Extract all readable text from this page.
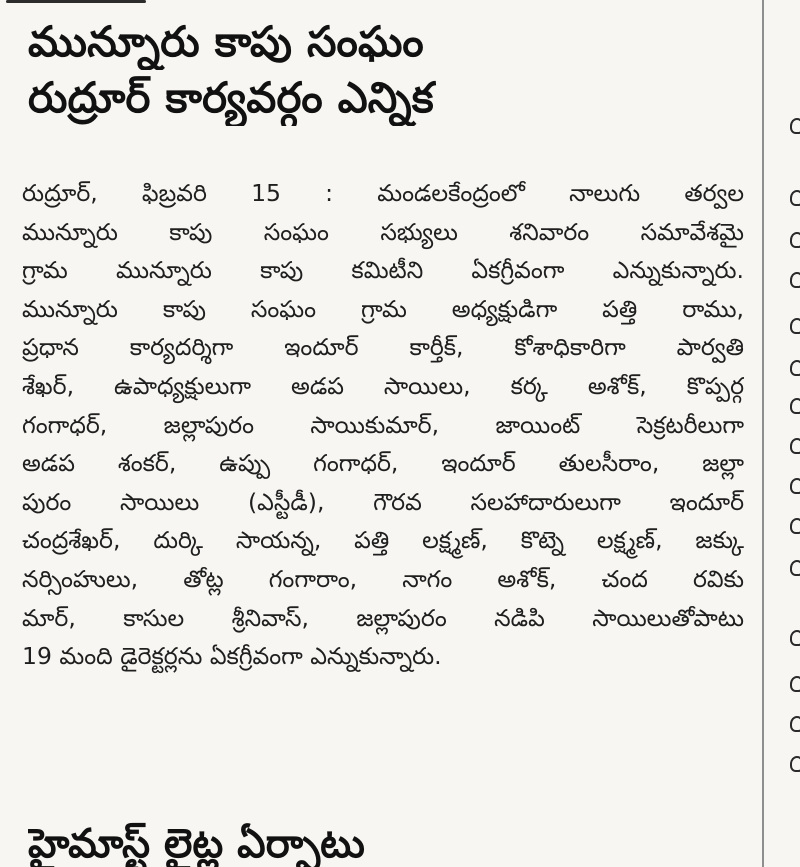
మున్నూరు కాపు సంఘం
రుద్రూర్ కార్యవర్గం ఎన్నిక
రుద్రూర్, ఫిబ్రవరి 15 : మండలకేంద్రంలో నాలుగు తర్వల
మున్నూరు కాపు సంఘం సభ్యులు శనివారం సమావేశమై
గ్రామ మున్నూరు కాపు కమిటీని ఏకగ్రీవంగా ఎన్నుకున్నారు.
మున్నూరు కాపు సంఘం గ్రామ అధ్యక్షుడిగా పత్తి రాము,
ప్రధాన కార్యదర్శిగా ఇందూర్ కార్తీక్, కోశాధికారిగా పార్వతి
శేఖర్, ఉపాధ్యక్షులుగా అడప సాయిలు, కర్క అశోక్, కొప్పర్గ
గంగాధర్, జల్లాపురం సాయికుమార్, జాయింట్ సెక్రటరీలుగా
అడప శంకర్, ఉప్పు గంగాధర్, ఇందూర్ తులసీరాం, జల్లా
పురం సాయిలు (ఎస్టీడీ), గౌరవ సలహాదారులుగా ఇందూర్
చంద్రశేఖర్, దుర్కి సాయన్న, పత్తి లక్ష్మణ్, కొట్నె లక్ష్మణ్, జక్కు
నర్సింహులు, తోట్ల గంగారాం, నాగం అశోక్, చంద రవికు
మార్, కాసుల శ్రీనివాస్, జల్లాపురం నడిపి సాయిలుతోపాటు
19 మంది డైరెక్టర్లను ఏకగ్రీవంగా ఎన్నుకున్నారు.
హైమాస్ట్ లైట్ల ఏర్పాటు
